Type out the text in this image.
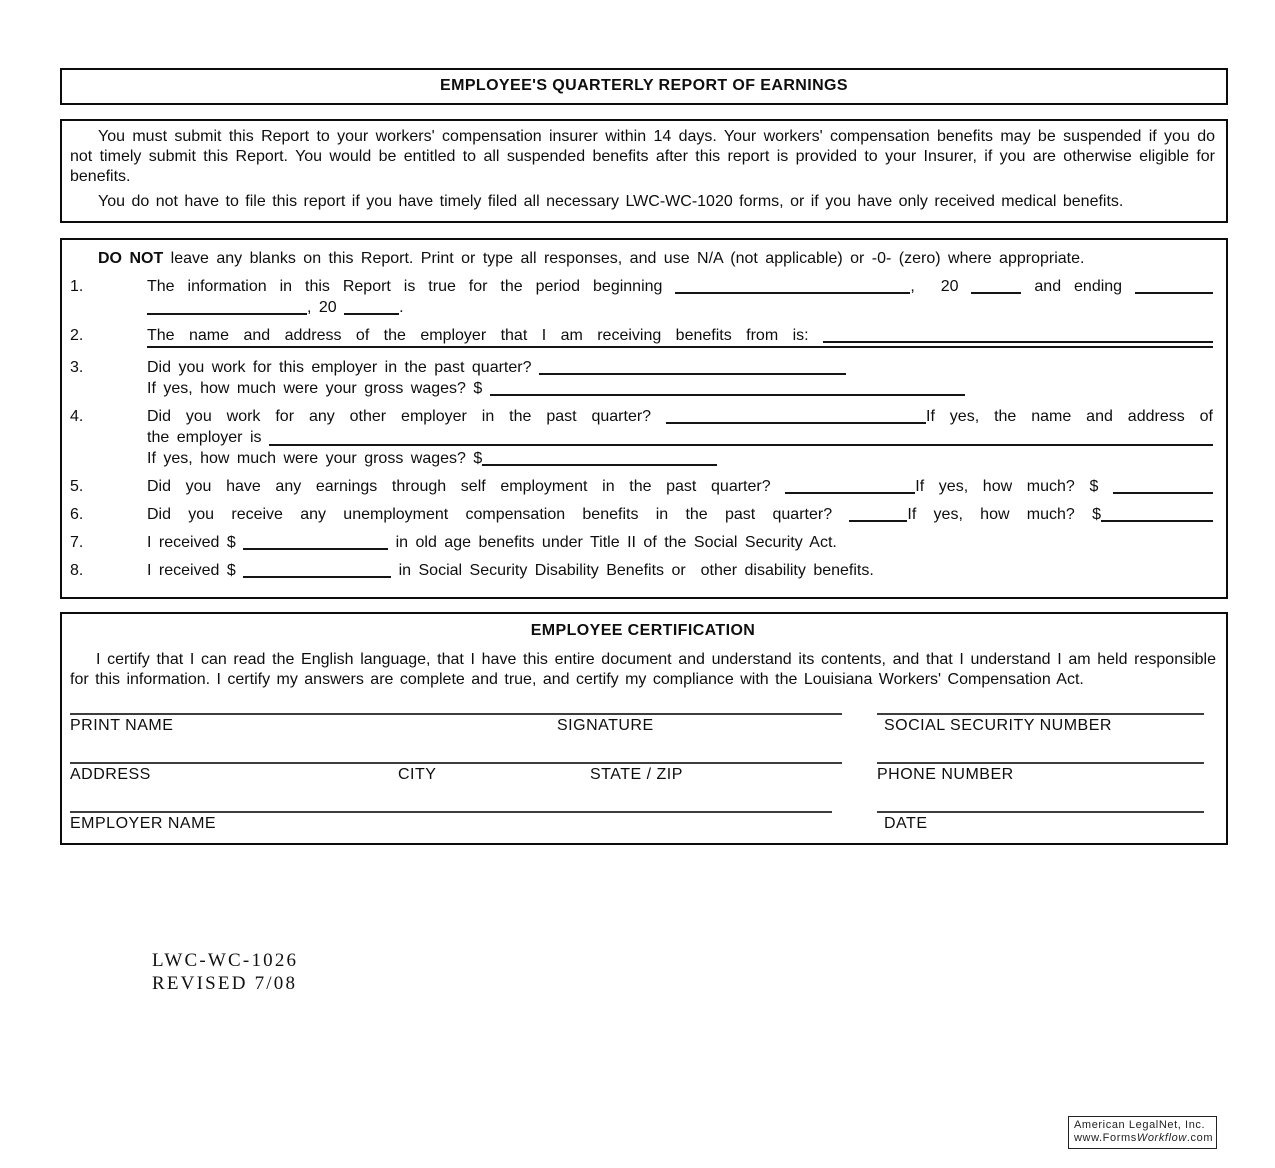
EMPLOYEE'S QUARTERLY REPORT OF EARNINGS

You must submit this Report to your workers' compensation insurer within 14 days. Your workers' compensation benefits may be suspended if you do not timely submit this Report. You would be entitled to all suspended benefits after this report is provided to your Insurer, if you are otherwise eligible for benefits.

You do not have to file this report if you have timely filed all necessary LWC-WC-1020 forms, or if you have only received medical benefits.

DO NOT leave any blanks on this Report. Print or type all responses, and use N/A (not applicable) or -0- (zero) where appropriate.

1.	The information in this Report is true for the period beginning	,  20	and ending
, 20	.
2.	The name and address of the employer that I am receiving benefits from is:
3.	Did you work for this employer in the past quarter?
If yes, how much were your gross wages? $
4.	Did you work for any other employer in the past quarter?	If yes, the name and address of
the employer is
If yes, how much were your gross wages? $
5.	Did you have any earnings through self employment in the past quarter?	If yes, how much? $
6.	Did you receive any unemployment compensation benefits in the past quarter?	If yes, how much? $
7.	I received $	in old age benefits under Title II of the Social Security Act.
8.	I received $	in Social Security Disability Benefits or  other disability benefits.
EMPLOYEE CERTIFICATION

I certify that I can read the English language, that I have this entire document and understand its contents, and that I understand I am held responsible for this information. I certify my answers are complete and true, and certify my compliance with the Louisiana Workers' Compensation Act.

PRINT NAME	SIGNATURE	SOCIAL SECURITY NUMBER
ADDRESS	CITY	STATE / ZIP	PHONE NUMBER
EMPLOYER NAME	DATE
LWC-WC-1026
REVISED 7/08
American LegalNet, Inc.
www.FormsWorkflow.com
